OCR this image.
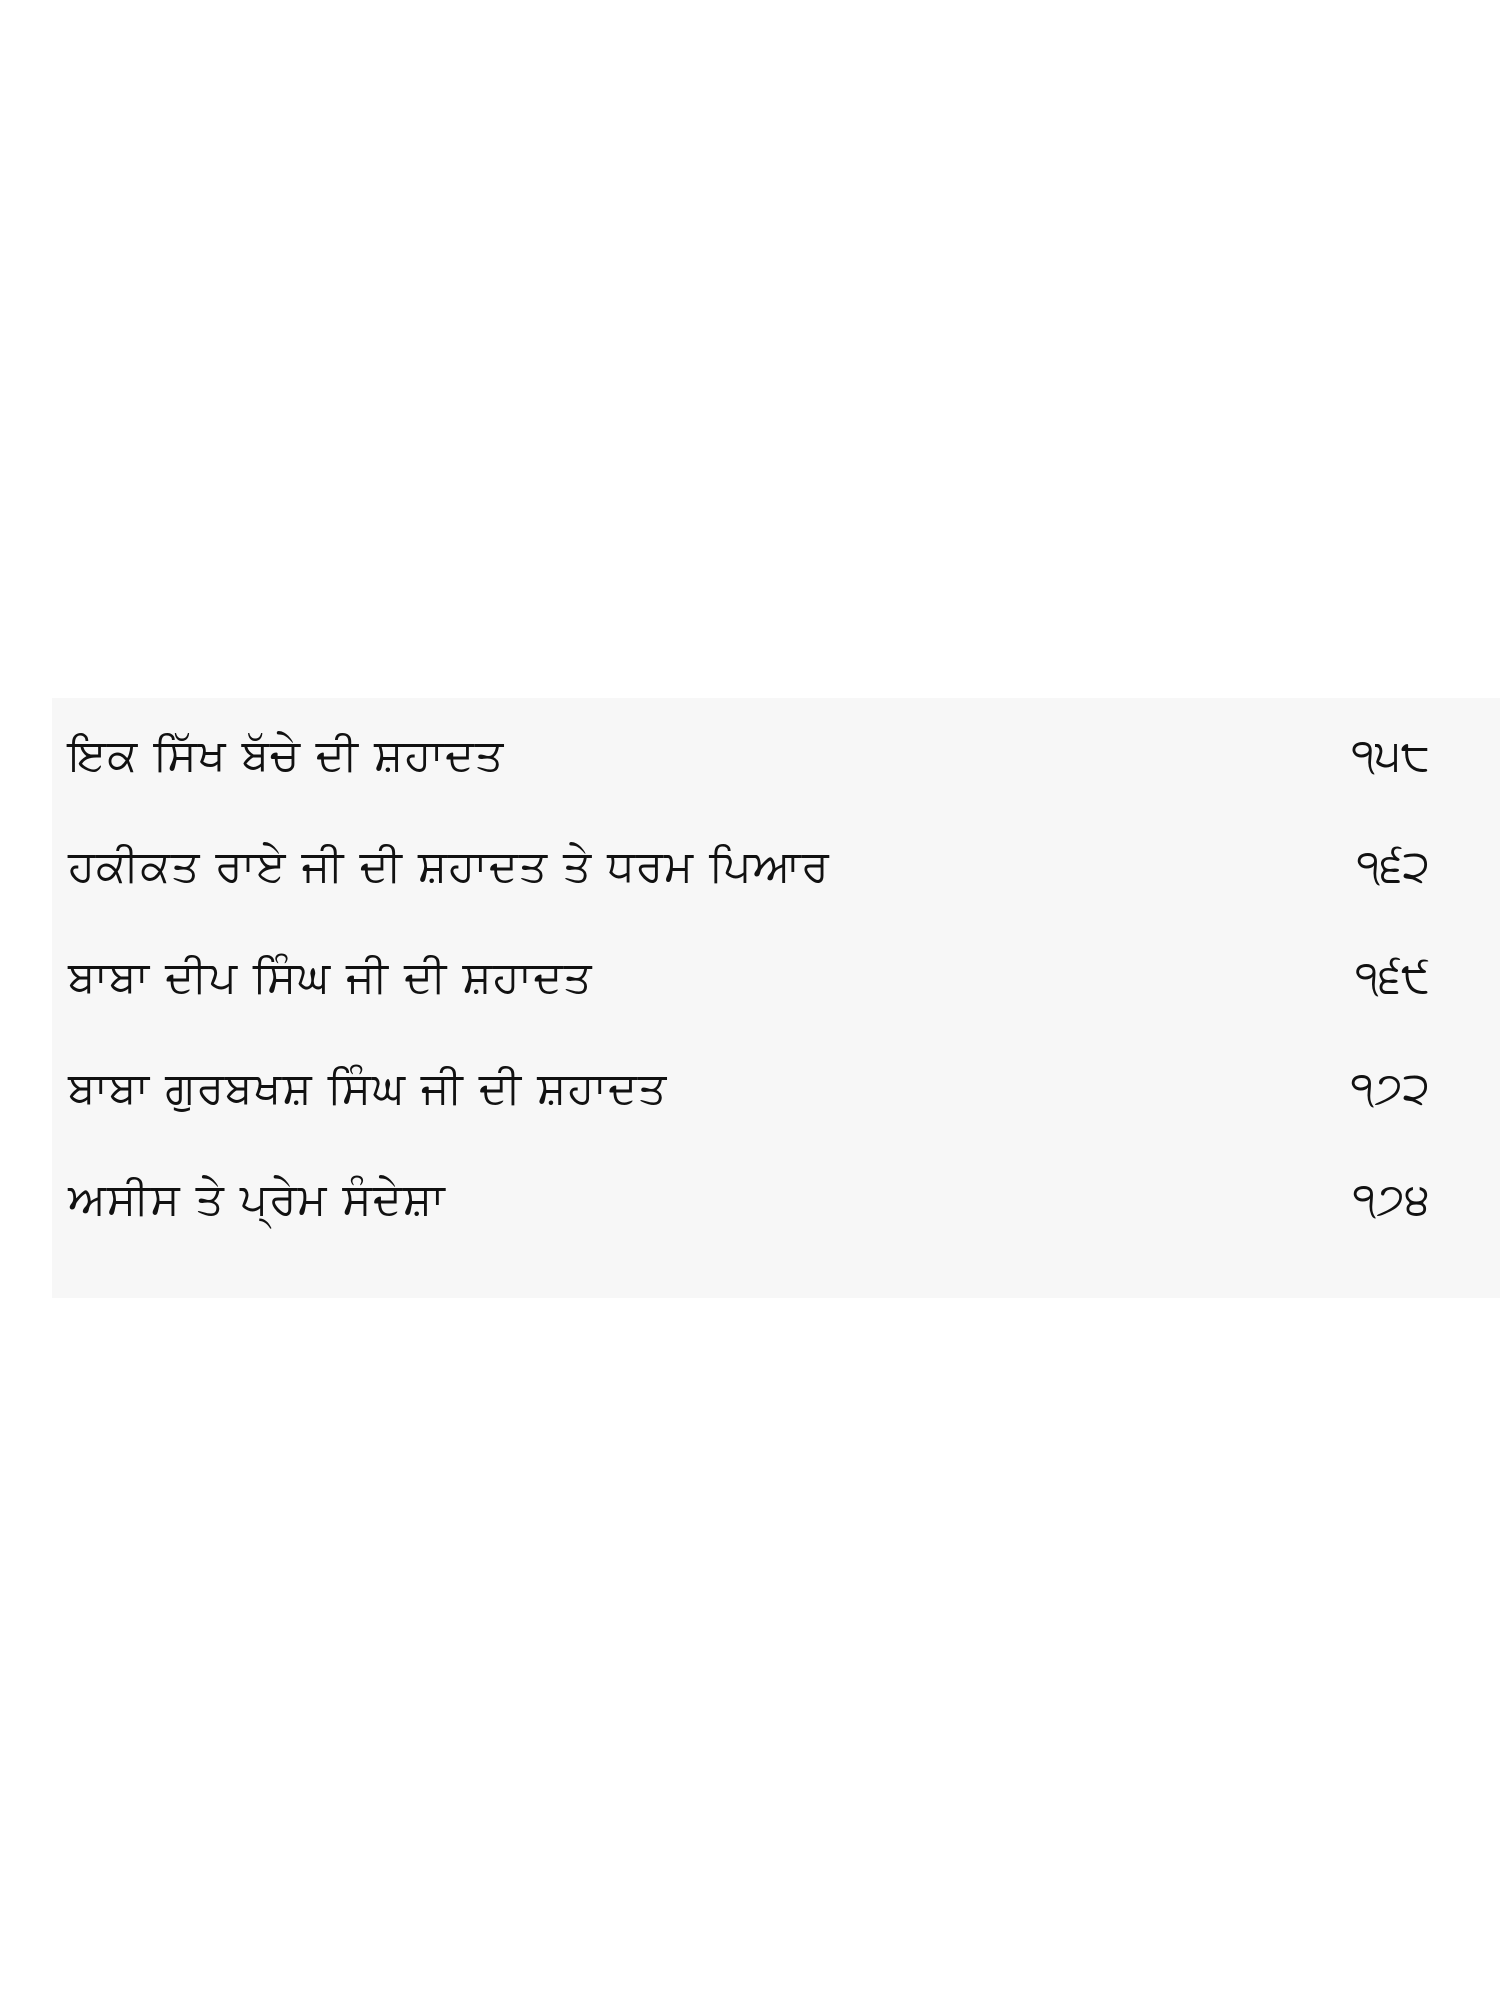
ਇਕ ਸਿੱਖ ਬੱਚੇ ਦੀ ਸ਼ਹਾਦਤ	੧੫੮
ਹਕੀਕਤ ਰਾਏ ਜੀ ਦੀ ਸ਼ਹਾਦਤ ਤੇ ਧਰਮ ਪਿਆਰ	੧੬੨
ਬਾਬਾ ਦੀਪ ਸਿੰਘ ਜੀ ਦੀ ਸ਼ਹਾਦਤ	੧੬੯
ਬਾਬਾ ਗੁਰਬਖਸ਼ ਸਿੰਘ ਜੀ ਦੀ ਸ਼ਹਾਦਤ	੧੭੨
ਅਸੀਸ ਤੇ ਪ੍ਰੇਮ ਸੰਦੇਸ਼ਾ	੧੭੪
